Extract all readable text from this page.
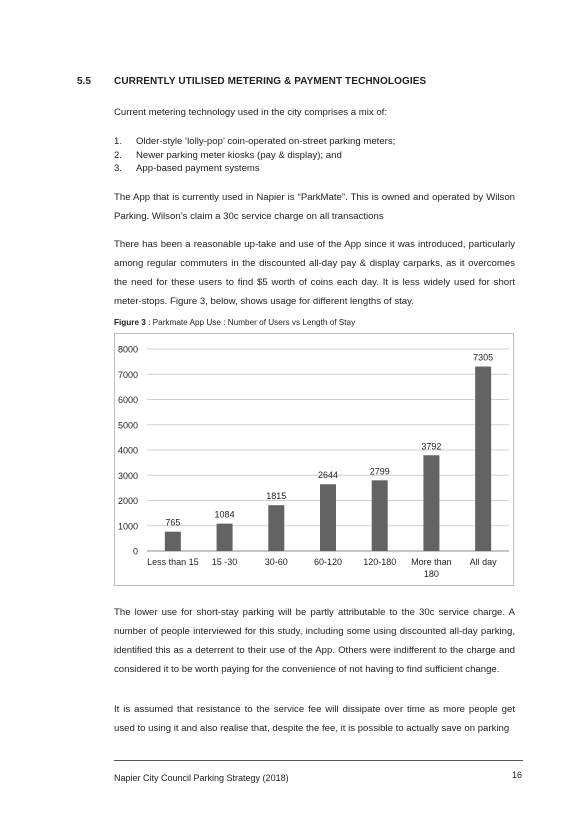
5.5 CURRENTLY UTILISED METERING & PAYMENT TECHNOLOGIES

Current metering technology used in the city comprises a mix of:

1. Older-style ‘lolly-pop’ coin-operated on-street parking meters;
2. Newer parking meter kiosks (pay & display); and
3. App-based payment systems

The App that is currently used in Napier is “ParkMate”. This is owned and operated by Wilson Parking. Wilson’s claim a 30c service charge on all transactions

There has been a reasonable up-take and use of the App since it was introduced, particularly among regular commuters in the discounted all-day pay & display carparks, as it overcomes the need for these users to find $5 worth of coins each day. It is less widely used for short meter-stops. Figure 3, below, shows usage for different lengths of stay.

Figure 3 : Parkmate App Use : Number of Users vs Length of Stay
0
1000
2000
3000
4000
5000
6000
7000
8000
765
Less than 15
1084
15 -30
1815
30-60
2644
60-120
2799
120-180
3792
More than
180
7305
All day

The lower use for short-stay parking will be partly attributable to the 30c service charge. A number of people interviewed for this study, including some using discounted all-day parking, identified this as a deterrent to their use of the App. Others were indifferent to the charge and considered it to be worth paying for the convenience of not having to find sufficient change.

It is assumed that resistance to the service fee will dissipate over time as more people get used to using it and also realise that, despite the fee, it is possible to actually save on parking

Napier City Council Parking Strategy (2018)	16
